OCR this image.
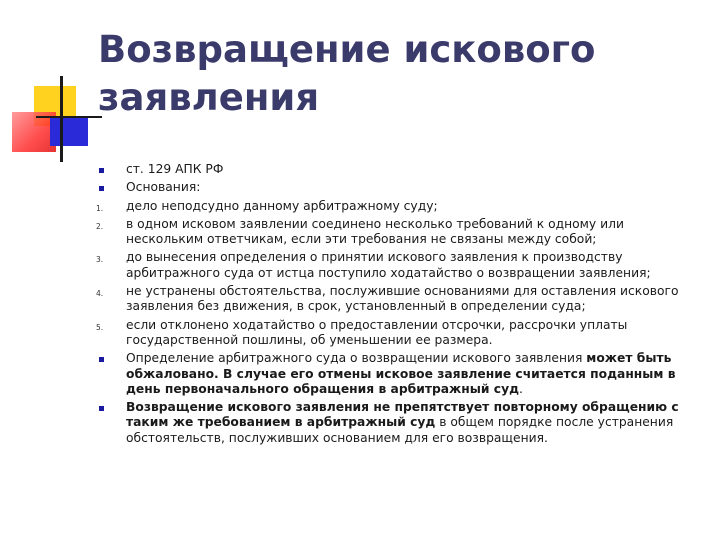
Возвращение искового
заявления
ст. 129 АПК РФ
Основания:
1.	дело неподсудно данному арбитражному суду;
2.	в одном исковом заявлении соединено несколько требований к одному или нескольким ответчикам, если эти требования не связаны между собой;
3.	до вынесения определения о принятии искового заявления к производству арбитражного суда от истца поступило ходатайство о возвращении заявления;
4.	не устранены обстоятельства, послужившие основаниями для оставления искового заявления без движения, в срок, установленный в определении суда;
5.	если отклонено ходатайство о предоставлении отсрочки, рассрочки уплаты государственной пошлины, об уменьшении ее размера.
Определение арбитражного суда о возвращении искового заявления может быть обжаловано. В случае его отмены исковое заявление считается поданным в день первоначального обращения в арбитражный суд.
Возвращение искового заявления не препятствует повторному обращению с таким же требованием в арбитражный суд в общем порядке после устранения обстоятельств, послуживших основанием для его возвращения.
